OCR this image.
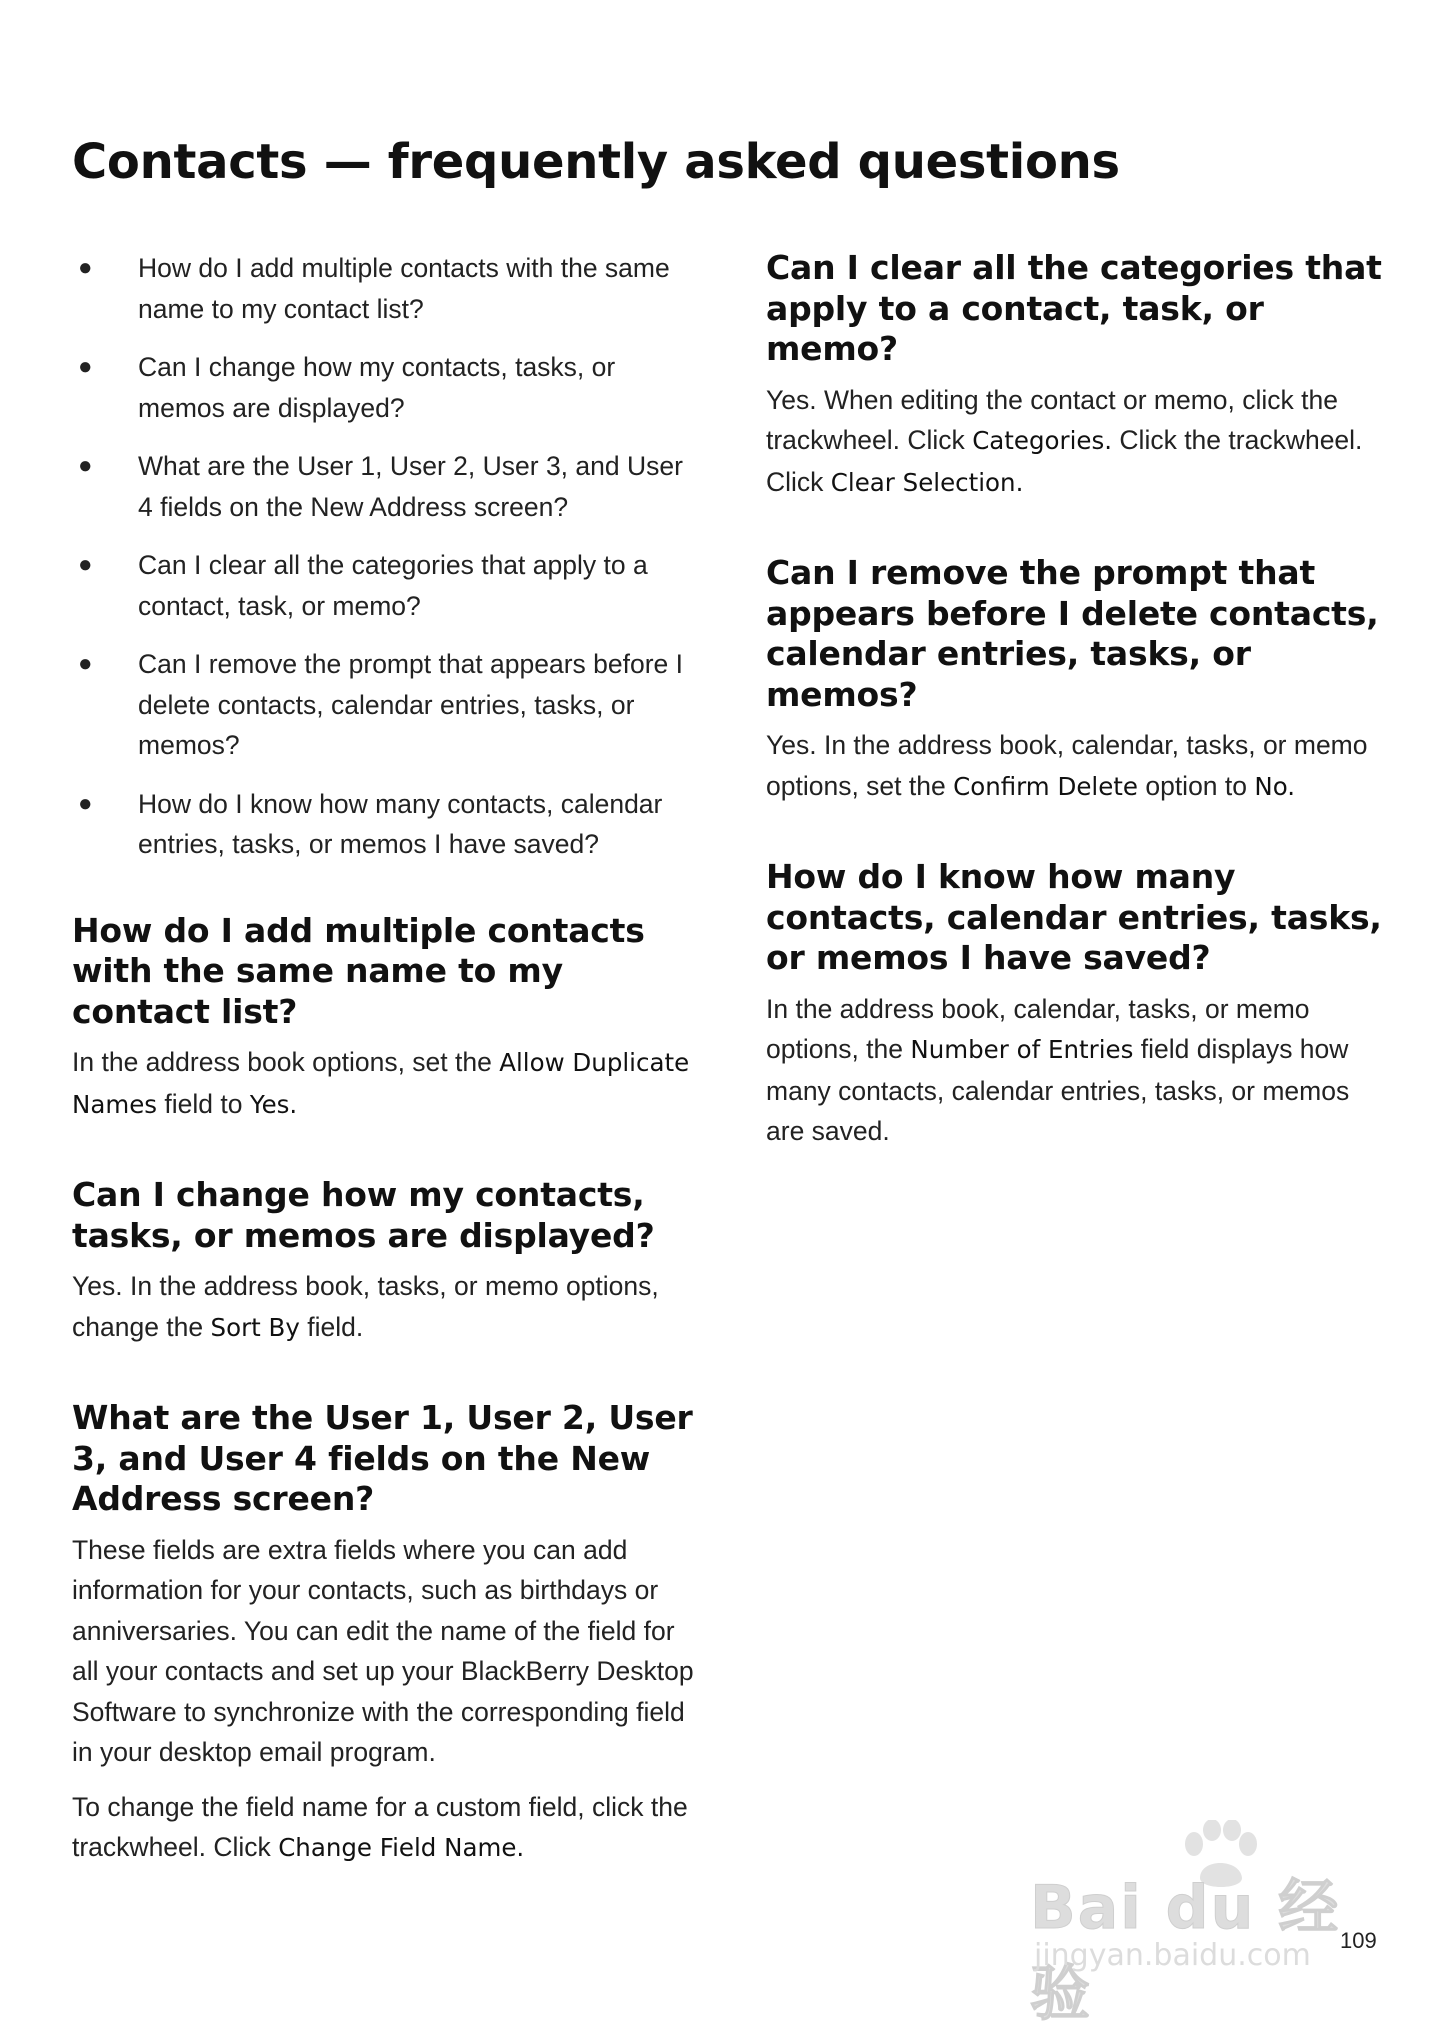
Contacts — frequently asked questions
● How do I add multiple contacts with the same name to my contact list?
● Can I change how my contacts, tasks, or memos are displayed?
● What are the User 1, User 2, User 3, and User 4 fields on the New Address screen?
● Can I clear all the categories that apply to a contact, task, or memo?
● Can I remove the prompt that appears before I delete contacts, calendar entries, tasks, or memos?
● How do I know how many contacts, calendar entries, tasks, or memos I have saved?
How do I add multiple contacts with the same name to my contact list?

In the address book options, set the Allow Duplicate Names field to Yes.

Can I change how my contacts, tasks, or memos are displayed?

Yes. In the address book, tasks, or memo options, change the Sort By field.

What are the User 1, User 2, User 3, and User 4 fields on the New Address screen?

These fields are extra fields where you can add information for your contacts, such as birthdays or anniversaries. You can edit the name of the field for all your contacts and set up your BlackBerry Desktop Software to synchronize with the corresponding field in your desktop email program.

To change the field name for a custom field, click the trackwheel. Click Change Field Name.

Can I clear all the categories that apply to a contact, task, or memo?

Yes. When editing the contact or memo, click the trackwheel. Click Categories. Click the trackwheel. Click Clear Selection.

Can I remove the prompt that appears before I delete contacts, calendar entries, tasks, or memos?

Yes. In the address book, calendar, tasks, or memo options, set the Confirm Delete option to No.

How do I know how many contacts, calendar entries, tasks, or memos I have saved?

In the address book, calendar, tasks, or memo options, the Number of Entries field displays how many contacts, calendar entries, tasks, or memos are saved.

Bai du 经验
jingyan.baidu.com 109
